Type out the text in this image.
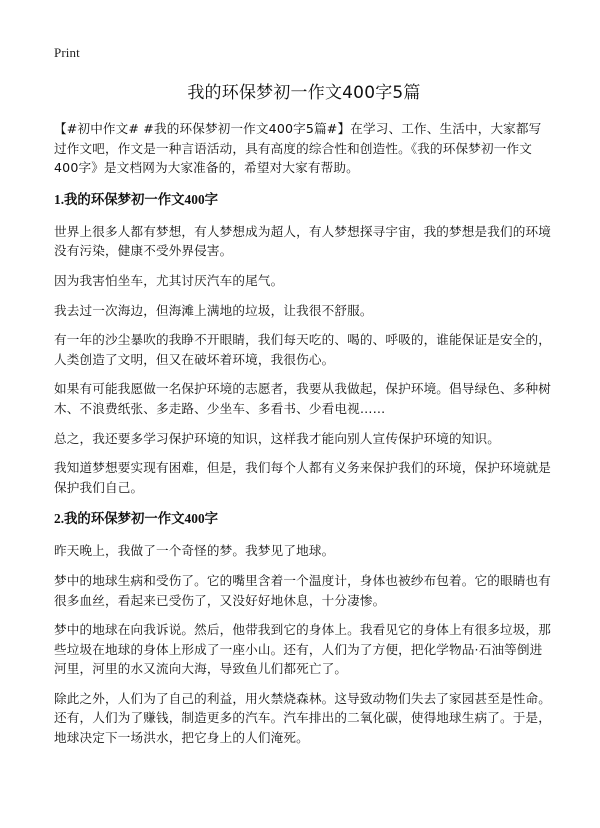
Print
我的环保梦初一作文400字5篇

【#初中作文# #我的环保梦初一作文400字5篇#】在学习、工作、生活中，大家都写过作文吧，作文是一种言语活动，具有高度的综合性和创造性。《我的环保梦初一作文400字》是文档网为大家准备的，希望对大家有帮助。

1.我的环保梦初一作文400字

世界上很多人都有梦想，有人梦想成为超人，有人梦想探寻宇宙，我的梦想是我们的环境没有污染，健康不受外界侵害。

因为我害怕坐车，尤其讨厌汽车的尾气。

我去过一次海边，但海滩上满地的垃圾，让我很不舒服。

有一年的沙尘暴吹的我睁不开眼睛，我们每天吃的、喝的、呼吸的，谁能保证是安全的，人类创造了文明，但又在破坏着环境，我很伤心。

如果有可能我愿做一名保护环境的志愿者，我要从我做起，保护环境。倡导绿色、多种树木、不浪费纸张、多走路、少坐车、多看书、少看电视……

总之，我还要多学习保护环境的知识，这样我才能向别人宣传保护环境的知识。

我知道梦想要实现有困难，但是，我们每个人都有义务来保护我们的环境，保护环境就是保护我们自己。

2.我的环保梦初一作文400字

昨天晚上，我做了一个奇怪的梦。我梦见了地球。

梦中的地球生病和受伤了。它的嘴里含着一个温度计，身体也被纱布包着。它的眼睛也有很多血丝，看起来已受伤了，又没好好地休息，十分凄惨。

梦中的地球在向我诉说。然后，他带我到它的身体上。我看见它的身体上有很多垃圾，那些垃圾在地球的身体上形成了一座小山。还有，人们为了方便，把化学物品·石油等倒进河里，河里的水又流向大海，导致鱼儿们都死亡了。

除此之外，人们为了自己的利益，用火禁烧森林。这导致动物们失去了家园甚至是性命。还有，人们为了赚钱，制造更多的汽车。汽车排出的二氧化碳，使得地球生病了。于是，地球决定下一场洪水，把它身上的人们淹死。
